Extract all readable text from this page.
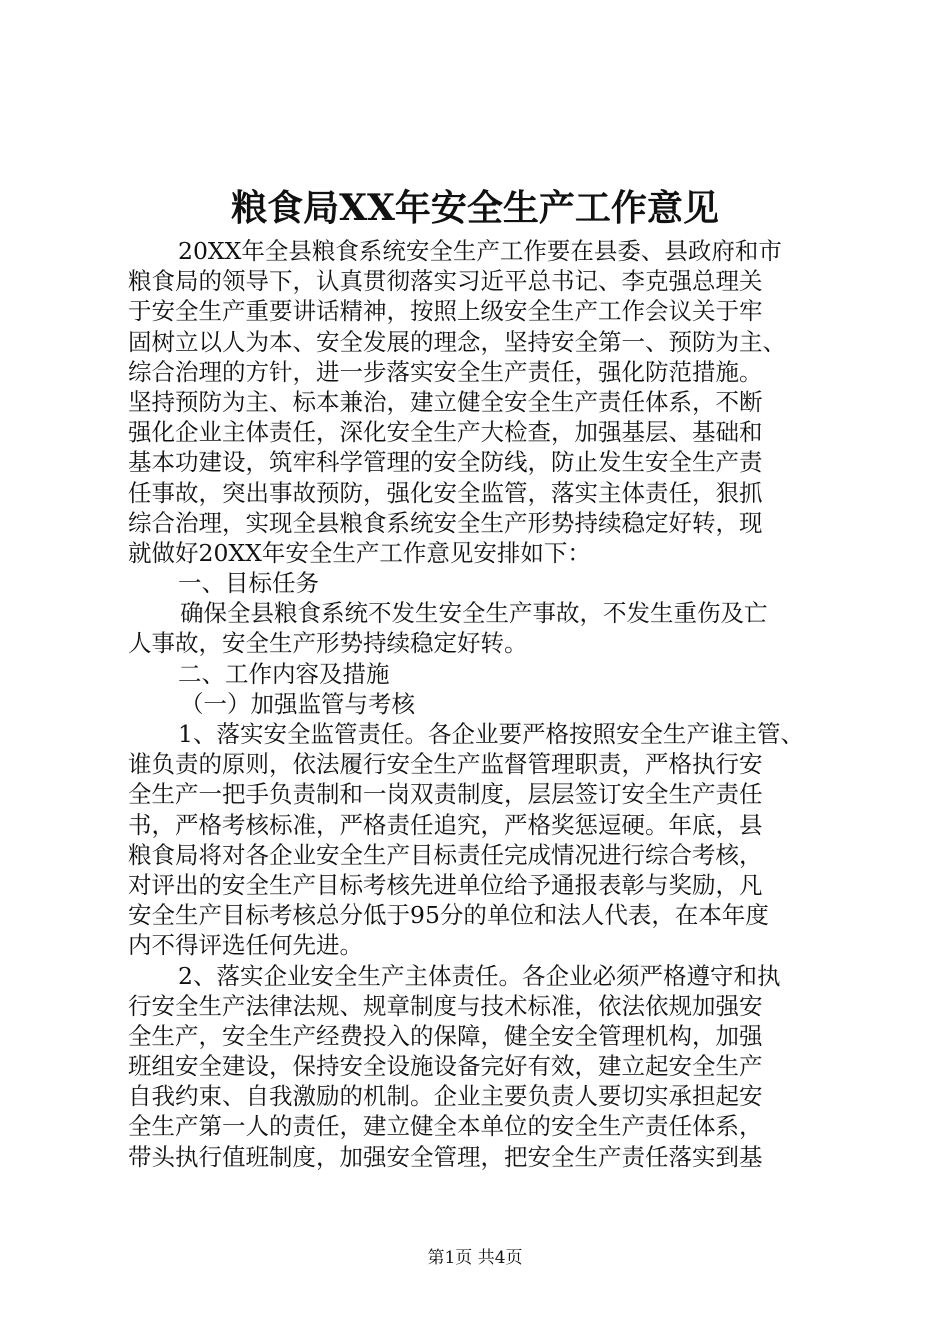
粮食局XX年安全生产工作意见
20XX年全县粮食系统安全生产工作要在县委、县政府和市
粮食局的领导下，认真贯彻落实习近平总书记、李克强总理关
于安全生产重要讲话精神，按照上级安全生产工作会议关于牢
固树立以人为本、安全发展的理念，坚持安全第一、预防为主、
综合治理的方针，进一步落实安全生产责任，强化防范措施。
坚持预防为主、标本兼治，建立健全安全生产责任体系，不断
强化企业主体责任，深化安全生产大检查，加强基层、基础和
基本功建设，筑牢科学管理的安全防线，防止发生安全生产责
任事故，突出事故预防，强化安全监管，落实主体责任，狠抓
综合治理，实现全县粮食系统安全生产形势持续稳定好转，现
就做好20XX年安全生产工作意见安排如下：
一、目标任务
确保全县粮食系统不发生安全生产事故，不发生重伤及亡
人事故，安全生产形势持续稳定好转。
二、工作内容及措施
（一）加强监管与考核
1、落实安全监管责任。各企业要严格按照安全生产谁主管、
谁负责的原则，依法履行安全生产监督管理职责，严格执行安
全生产一把手负责制和一岗双责制度，层层签订安全生产责任
书，严格考核标准，严格责任追究，严格奖惩逗硬。年底，县
粮食局将对各企业安全生产目标责任完成情况进行综合考核，
对评出的安全生产目标考核先进单位给予通报表彰与奖励，凡
安全生产目标考核总分低于95分的单位和法人代表，在本年度
内不得评选任何先进。
2、落实企业安全生产主体责任。各企业必须严格遵守和执
行安全生产法律法规、规章制度与技术标准，依法依规加强安
全生产，安全生产经费投入的保障，健全安全管理机构，加强
班组安全建设，保持安全设施设备完好有效，建立起安全生产
自我约束、自我激励的机制。企业主要负责人要切实承担起安
全生产第一人的责任，建立健全本单位的安全生产责任体系，
带头执行值班制度，加强安全管理，把安全生产责任落实到基
第1页 共4页
